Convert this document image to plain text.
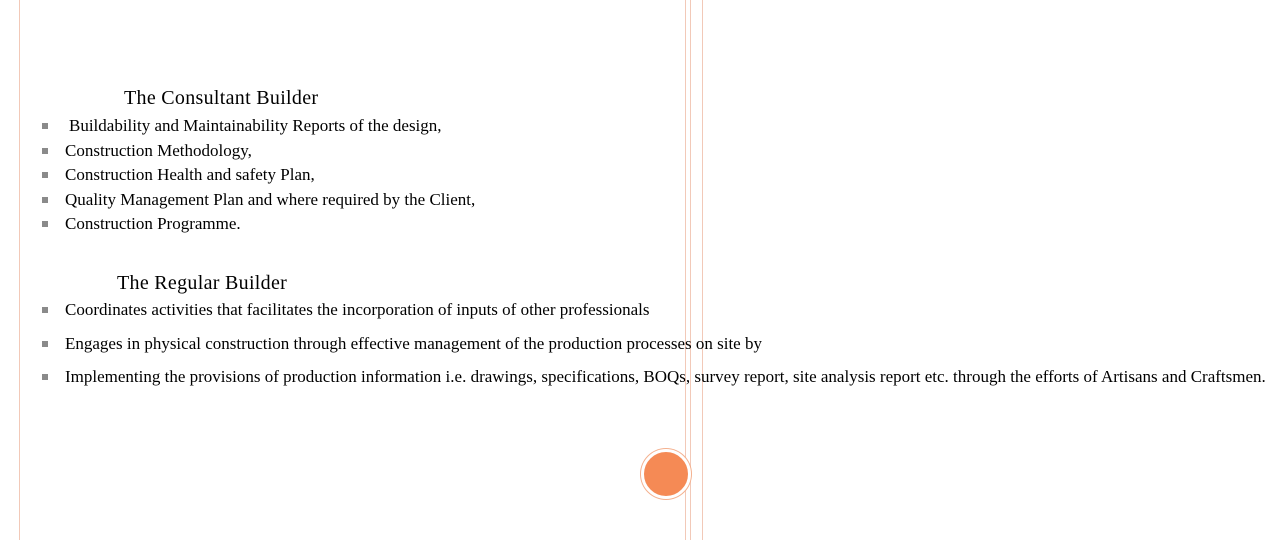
The Consultant Builder
Buildability and Maintainability Reports of the design,
Construction Methodology,
Construction Health and safety Plan,
Quality Management Plan and where required by the Client,
Construction Programme.
The Regular Builder
Coordinates activities that facilitates the incorporation of inputs of other professionals
Engages in physical construction through effective management of the production processes on site by
Implementing the provisions of production information i.e. drawings, specifications, BOQs, survey report, site analysis report etc. through the efforts of Artisans and Craftsmen.
